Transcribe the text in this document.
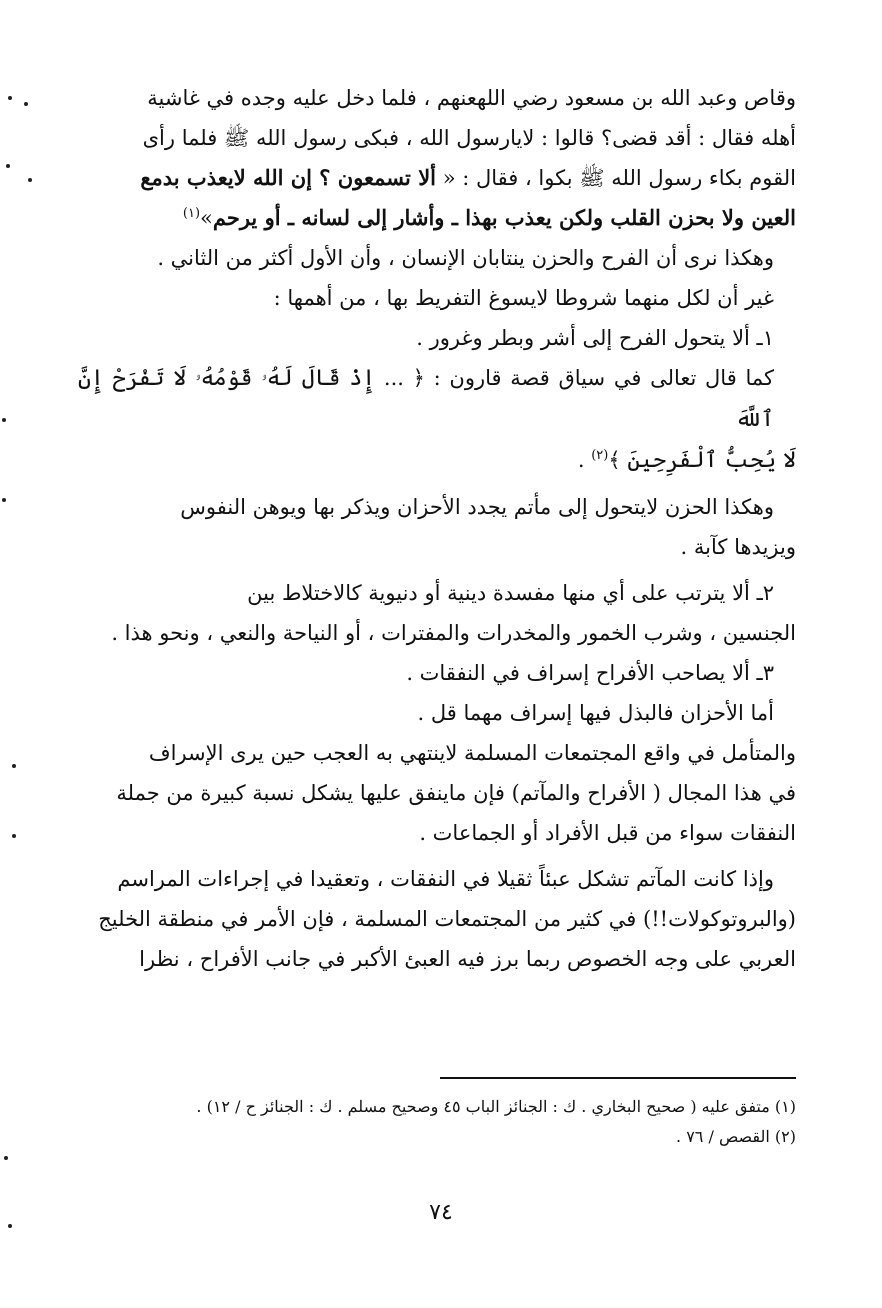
وقاص وعبد الله بن مسعود رضي اللهعنهم ، فلما دخل عليه وجده في غاشية

أهله فقال : أقد قضى؟ قالوا : لايارسول الله ، فبكى رسول الله ﷺ فلما رأى

القوم بكاء رسول الله ﷺ بكوا ، فقال : « ألا تسمعون ؟ إن الله لايعذب بدمع

العين ولا بحزن القلب ولكن يعذب بهذا ـ وأشار إلى لسانه ـ أو يرحم»$^{(١)}$

وهكذا نرى أن الفرح والحزن ينتابان الإنسان ، وأن الأول أكثر من الثاني .

غير أن لكل منهما شروطا لايسوغ التفريط بها ، من أهمها :

١ـ ألا يتحول الفرح إلى أشر وبطر وغرور .

كما قال تعالى في سياق قصة قارون : ﴿ ... إِذْ قَالَ لَهُۥ قَوْمُهُۥ لَا تَفْرَحْ إِنَّ ٱللَّهَ

لَا يُحِبُّ ٱلْفَرِحِينَ ﴾$^{(٢)}$ .

وهكذا الحزن لايتحول إلى مأتم يجدد الأحزان ويذكر بها ويوهن النفوس

ويزيدها كآبة .

٢ـ ألا يترتب على أي منها مفسدة دينية أو دنيوية كالاختلاط بين

الجنسين ، وشرب الخمور والمخدرات والمفترات ، أو النياحة والنعي ، ونحو هذا .

٣ـ ألا يصاحب الأفراح إسراف في النفقات .

أما الأحزان فالبذل فيها إسراف مهما قل .

والمتأمل في واقع المجتمعات المسلمة لاينتهي به العجب حين يرى الإسراف

في هذا المجال ( الأفراح والمآتم) فإن ماينفق عليها يشكل نسبة كبيرة من جملة

النفقات سواء من قبل الأفراد أو الجماعات .

وإذا كانت المآتم تشكل عبئاً ثقيلا في النفقات ، وتعقيدا في إجراءات المراسم

(والبروتوكولات!!) في كثير من المجتمعات المسلمة ، فإن الأمر في منطقة الخليج

العربي على وجه الخصوص ربما برز فيه العبئ الأكبر في جانب الأفراح ، نظرا

(١) متفق عليه ( صحيح البخاري . ك : الجنائز الباب ٤٥ وصحيح مسلم . ك : الجنائز ح / ١٢) .

(٢) القصص / ٧٦ .

٧٤
